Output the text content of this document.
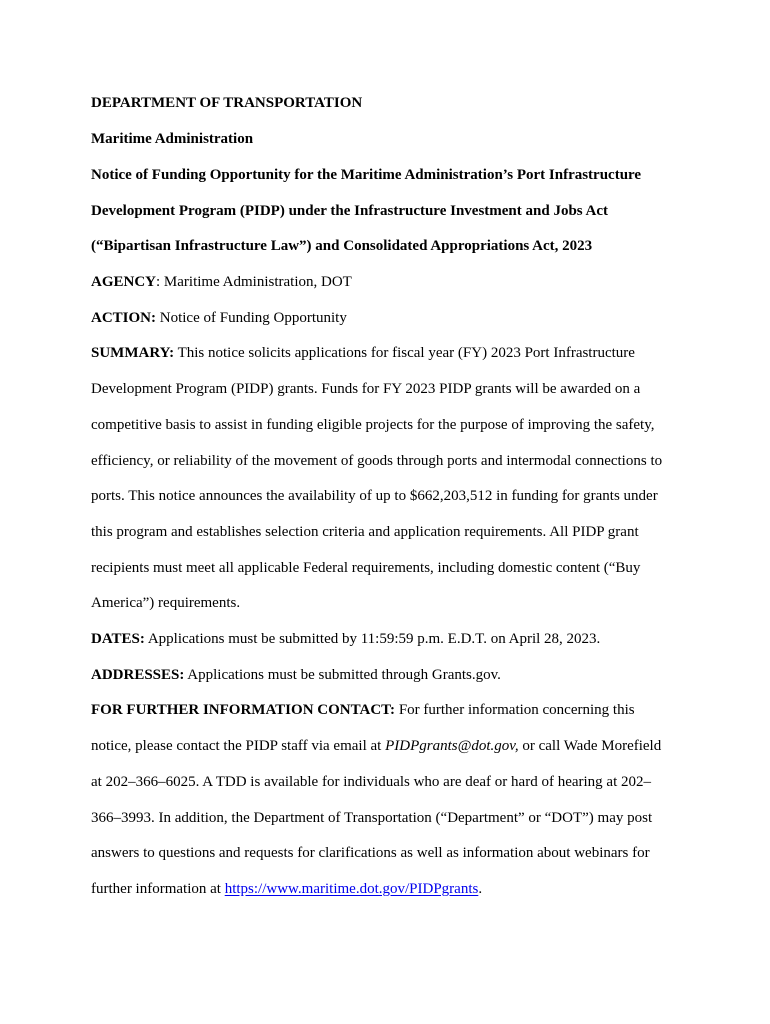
DEPARTMENT OF TRANSPORTATION
Maritime Administration
Notice of Funding Opportunity for the Maritime Administration’s Port Infrastructure
Development Program (PIDP) under the Infrastructure Investment and Jobs Act
(“Bipartisan Infrastructure Law”) and Consolidated Appropriations Act, 2023
AGENCY: Maritime Administration, DOT
ACTION: Notice of Funding Opportunity
SUMMARY: This notice solicits applications for fiscal year (FY) 2023 Port Infrastructure
Development Program (PIDP) grants. Funds for FY 2023 PIDP grants will be awarded on a
competitive basis to assist in funding eligible projects for the purpose of improving the safety,
efficiency, or reliability of the movement of goods through ports and intermodal connections to
ports. This notice announces the availability of up to $662,203,512 in funding for grants under
this program and establishes selection criteria and application requirements. All PIDP grant
recipients must meet all applicable Federal requirements, including domestic content (“Buy
America”) requirements.
DATES: Applications must be submitted by 11:59:59 p.m. E.D.T. on April 28, 2023.
ADDRESSES: Applications must be submitted through Grants.gov.
FOR FURTHER INFORMATION CONTACT: For further information concerning this
notice, please contact the PIDP staff via email at PIDPgrants@dot.gov, or call Wade Morefield
at 202–366–6025. A TDD is available for individuals who are deaf or hard of hearing at 202–
366–3993. In addition, the Department of Transportation (“Department” or “DOT”) may post
answers to questions and requests for clarifications as well as information about webinars for
further information at https://www.maritime.dot.gov/PIDPgrants.
